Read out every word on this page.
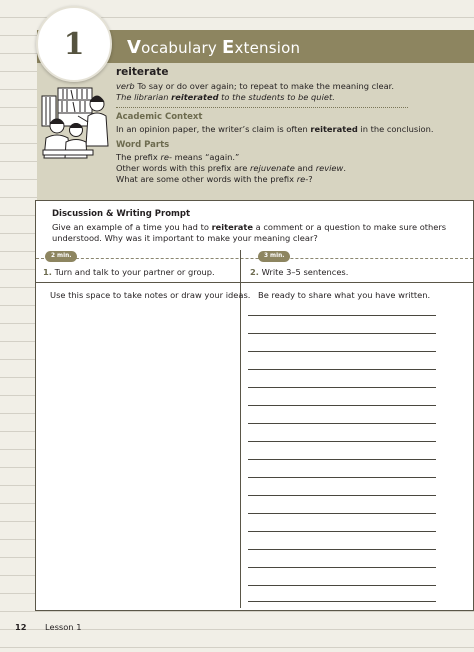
Vocabulary Extension
1
reiterate
verb To say or do over again; to repeat to make the meaning clear.
The librarian reiterated to the students to be quiet.
Academic Context
In an opinion paper, the writer’s claim is often reiterated in the conclusion.
Word Parts
The prefix re- means “again.”
Other words with this prefix are rejuvenate and review.
What are some other words with the prefix re-?
Discussion & Writing Prompt
Give an example of a time you had to reiterate a comment or a question to make sure others understood. Why was it important to make your meaning clear?
2 min.	3 min.
1. Turn and talk to your partner or group.	2. Write 3–5 sentences.
Use this space to take notes or draw your ideas. Be ready to share what you have written.
12 Lesson 1
